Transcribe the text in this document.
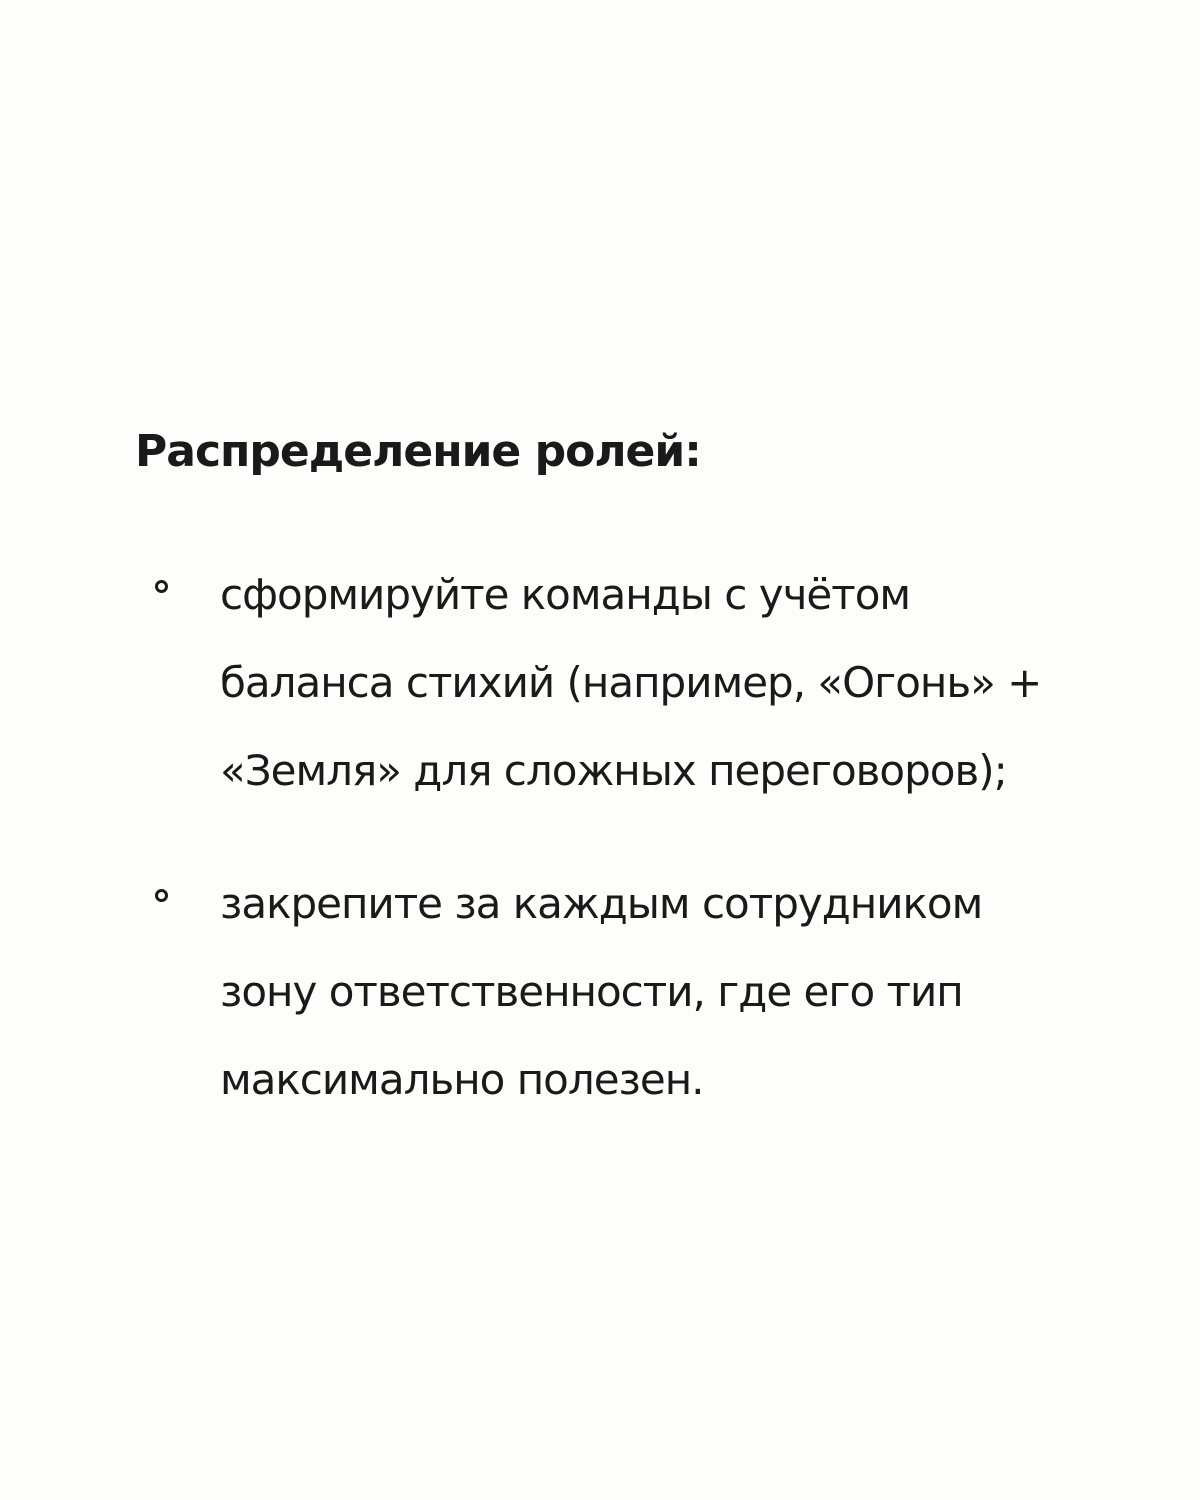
Распределение ролей:
сформируйте команды с учётом
баланса стихий (например, «Огонь» +
«Земля» для сложных переговоров);
закрепите за каждым сотрудником
зону ответственности, где его тип
максимально полезен.
